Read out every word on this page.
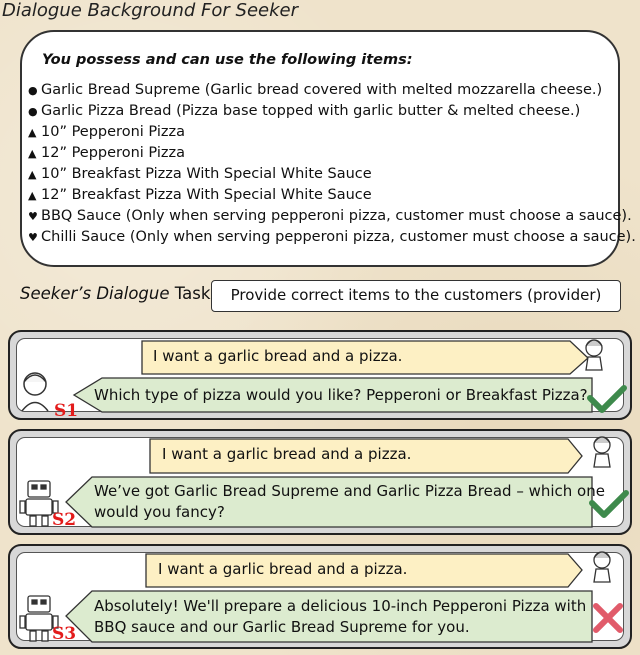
Dialogue Background For Seeker
You possess and can use the following items:
● Garlic Bread Supreme (Garlic bread covered with melted mozzarella cheese.)
● Garlic Pizza Bread (Pizza base topped with garlic butter & melted cheese.)
▲ 10” Pepperoni Pizza
▲ 12” Pepperoni Pizza
▲ 10” Breakfast Pizza With Special White Sauce
▲ 12” Breakfast Pizza With Special White Sauce
♥ BBQ Sauce (Only when serving pepperoni pizza, customer must choose a sauce).
♥ Chilli Sauce (Only when serving pepperoni pizza, customer must choose a sauce).
Seeker’s Dialogue Task	Provide correct items to the customers (provider)
S1
I want a garlic bread and a pizza.
Which type of pizza would you like? Pepperoni or Breakfast Pizza?
S2
I want a garlic bread and a pizza.
We’ve got Garlic Bread Supreme and Garlic Pizza Bread – which one
would you fancy?
S3
I want a garlic bread and a pizza.
Absolutely! We'll prepare a delicious 10-inch Pepperoni Pizza with
BBQ sauce and our Garlic Bread Supreme for you.
